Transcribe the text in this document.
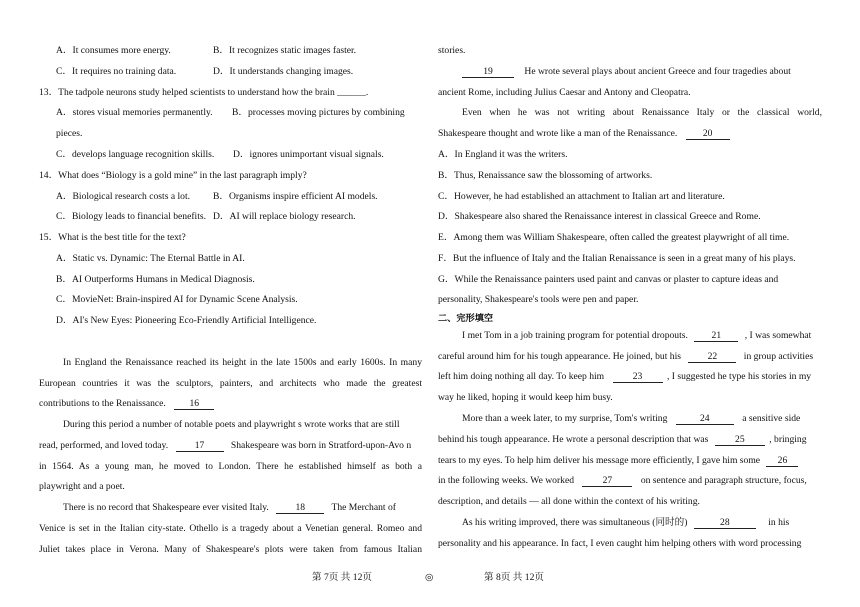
A．It consumes more energy.	B．It recognizes static images faster.
C．It requires no training data.	D．It understands changing images.
13．The tadpole neurons study helped scientists to understand how the brain ______.
A．stores visual memories permanently. B．processes moving pictures by combining
pieces.
C．develops language recognition skills. D．ignores unimportant visual signals.
14．What does “Biology is a gold mine” in the last paragraph imply?
A．Biological research costs a lot. B．Organisms inspire efficient AI models.
C．Biology leads to financial benefits. D．AI will replace biology research.
15．What is the best title for the text?
A．Static vs. Dynamic: The Eternal Battle in AI.
B．AI Outperforms Humans in Medical Diagnosis.
C．MovieNet: Brain-inspired AI for Dynamic Scene Analysis.
D．AI's New Eyes: Pioneering Eco-Friendly Artificial Intelligence.
In England the Renaissance reached its height in the late 1500s and early 1600s. In many
European countries it was the sculptors, painters, and architects who made the greatest
contributions to the Renaissance. 16
During this period a number of notable poets and playwright s wrote works that are still
read, performed, and loved today.	17	Shakespeare was born in Stratford-upon-Avo n
in 1564. As a young man, he moved to London. There he established himself as both a
playwright and a poet.
There is no record that Shakespeare ever visited Italy.	18	The Merchant of
Venice is set in the Italian city-state. Othello is a tragedy about a Venetian general. Romeo and
Juliet takes place in Verona. Many of Shakespeare's plots were taken from famous Italian
stories.
19	He wrote several plays about ancient Greece and four tragedies about
ancient Rome, including Julius Caesar and Antony and Cleopatra.
Even when he was not writing about Renaissance Italy or the classical world,
Shakespeare thought and wrote like a man of the Renaissance.	20
A．In England it was the writers.
B．Thus, Renaissance saw the blossoming of artworks.
C．However, he had established an attachment to Italian art and literature.
D．Shakespeare also shared the Renaissance interest in classical Greece and Rome.
E．Among them was William Shakespeare, often called the greatest playwright of all time.
F．But the influence of Italy and the Italian Renaissance is seen in a great many of his plays.
G．While the Renaissance painters used paint and canvas or plaster to capture ideas and
personality, Shakespeare's tools were pen and paper.
二、完形填空
I met Tom in a job training program for potential dropouts. 21 , I was somewhat
careful around him for his tough appearance. He joined, but his	22	in group activities
left him doing nothing all day. To keep him	23	, I suggested he type his stories in my
way he liked, hoping it would keep him busy.
More than a week later, to my surprise, Tom's writing	24	a sensitive side
behind his tough appearance. He wrote a personal description that was	25	, bringing
tears to my eyes. To help him deliver his message more efficiently, I gave him some 26
in the following weeks. We worked	27	on sentence and paragraph structure, focus,
description, and details — all done within the context of his writing.
As his writing improved, there was simultaneous (同时的)	28	in his
personality and his appearance. In fact, I even caught him helping others with word processing
第 7页 共 12页	◎	第 8页 共 12页
